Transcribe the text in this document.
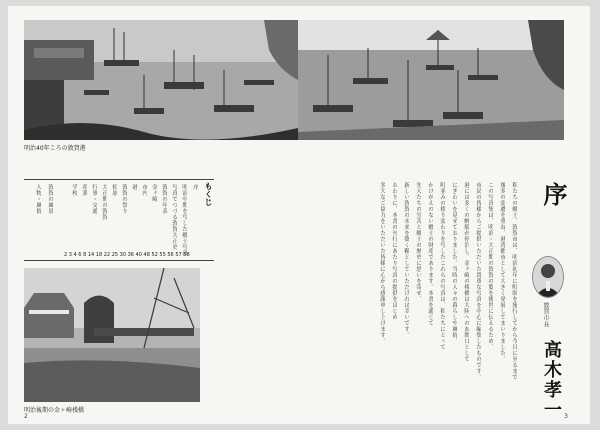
明治40年ころの敦賀港
もくじ
序
明治中期を写した郷土写真
写真でつづる敦賀大正史
敦賀の年表
金ヶ崎
市内
港
敦賀の祭り
松原
大正期の敦賀
行事・交通
産業
学校
敦賀の風景
人物・風俗
2 3 4 6 8 14 18 22 25 30 36 40 48 52 55 56 57 58
明治後期の金ヶ崎桟橋
2
序
敦賀市長
高木孝一
私たちの郷土、敦賀市は、明治初年に町制を施行してから今日に至るまで
幾多の変遷を重ね、港湾都市として大きく発展してまいりました。
この写真集は、明治・大正期の敦賀の姿を後世に伝えるため、
市民の皆様からご提供いただいた貴重な写真を中心に編集したものです。
港には多くの帆船が停泊し、金ヶ崎の桟橋は大陸への玄関口として
にぎわいを見せておりました。当時の人々の暮らしや風俗、
町並みの移り変わりを写したこれらの写真は、私たちにとって
かけがえのない郷土の財産であります。本書を通じて
先人たちの労苦と郷土の歴史に思いを寄せ、
新しい敦賀の未来を築く糧としていただければ幸いです。
おわりに、本書の刊行にあたり写真の提供をはじめ
多大なご協力をいただいた皆様に心から感謝申し上げます。
3
